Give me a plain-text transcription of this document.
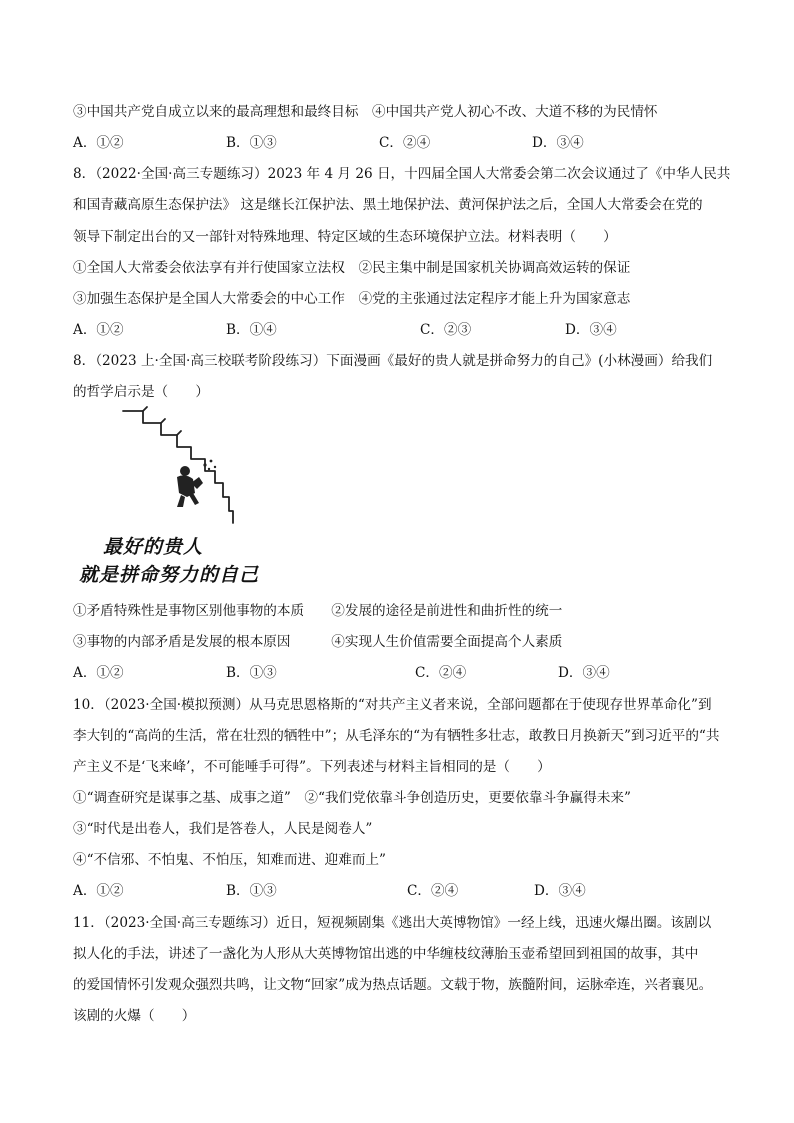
③中国共产党自成立以来的最高理想和最终目标　④中国共产党人初心不改、大道不移的为民情怀
A．①②	B．①③	C．②④	D．③④
8．（2022·全国·高三专题练习）2023 年 4 月 26 日，十四届全国人大常委会第二次会议通过了《中华人民共
和国青藏高原生态保护法》 这是继长江保护法、黑土地保护法、黄河保护法之后，全国人大常委会在党的
领导下制定出台的又一部针对特殊地理、特定区域的生态环境保护立法。材料表明（　　）
①全国人大常委会依法享有并行使国家立法权　②民主集中制是国家机关协调高效运转的保证
③加强生态保护是全国人大常委会的中心工作　④党的主张通过法定程序才能上升为国家意志
A．①②	B．①④	C．②③	D．③④
8．（2023 上·全国·高三校联考阶段练习）下面漫画《最好的贵人就是拼命努力的自己》(小林漫画）给我们
的哲学启示是（　　）
最好的贵人
就是拼命努力的自己
①矛盾特殊性是事物区别他事物的本质　　②发展的途径是前进性和曲折性的统一
③事物的内部矛盾是发展的根本原因　　　④实现人生价值需要全面提高个人素质
A．①②	B．①③	C．②④	D．③④
10．（2023·全国·模拟预测）从马克思恩格斯的“对共产主义者来说，全部问题都在于使现存世界革命化”到
李大钊的“高尚的生活，常在壮烈的牺牲中”；从毛泽东的“为有牺牲多壮志，敢教日月换新天”到习近平的“共
产主义不是‘飞来峰’，不可能唾手可得”。下列表述与材料主旨相同的是（　　）
①“调查研究是谋事之基、成事之道”　②“我们党依靠斗争创造历史，更要依靠斗争赢得未来”
③“时代是出卷人，我们是答卷人，人民是阅卷人”
④“不信邪、不怕鬼、不怕压，知难而进、迎难而上”
A．①②	B．①③	C．②④	D．③④
11．（2023·全国·高三专题练习）近日，短视频剧集《逃出大英博物馆》一经上线，迅速火爆出圈。该剧以
拟人化的手法，讲述了一盏化为人形从大英博物馆出逃的中华缠枝纹薄胎玉壶希望回到祖国的故事，其中
的爱国情怀引发观众强烈共鸣，让文物“回家”成为热点话题。文载于物，族髓附间，运脉牵连，兴者襄见。
该剧的火爆（　　）
